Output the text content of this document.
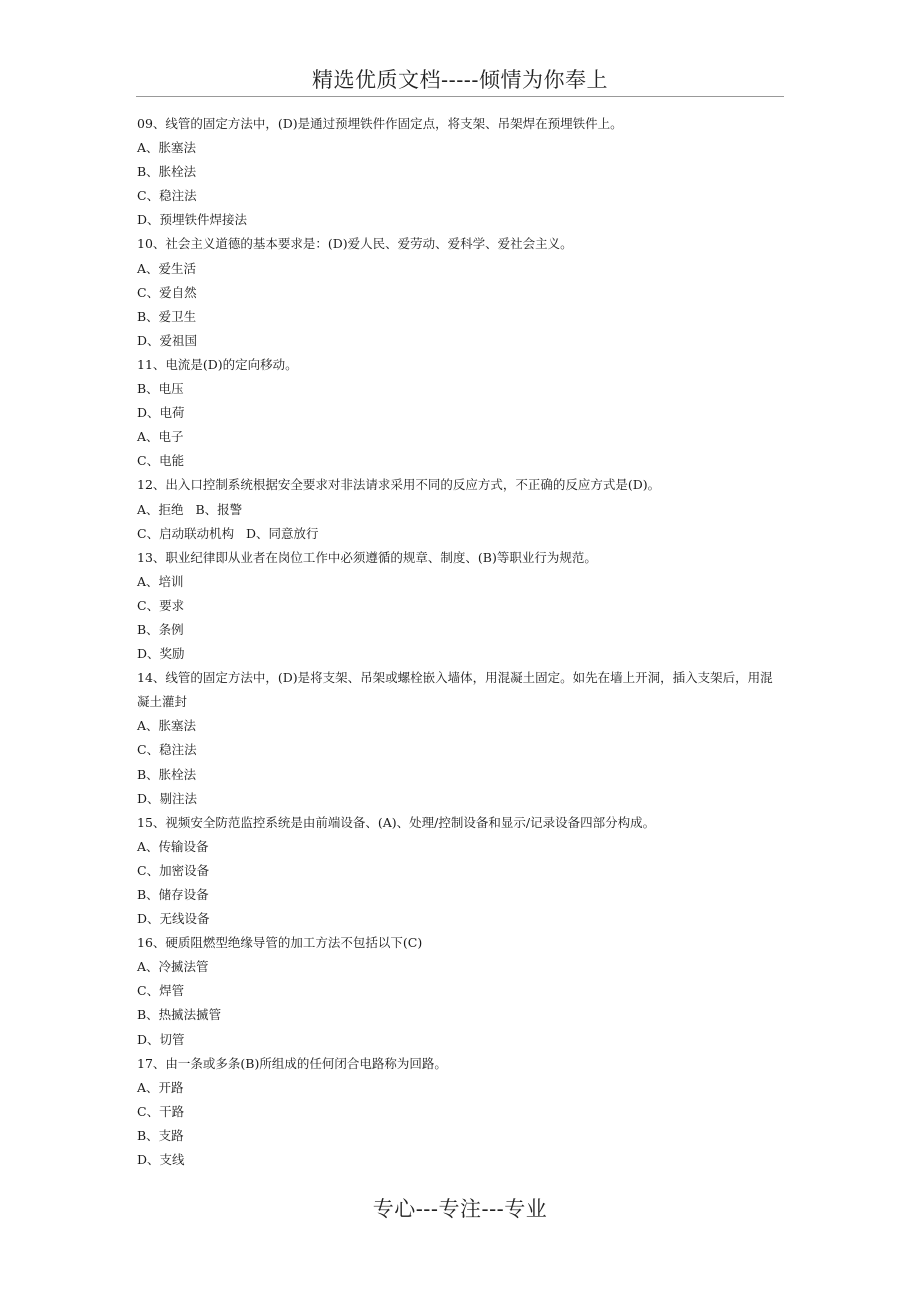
精选优质文档-----倾情为你奉上
09、线管的固定方法中，(D)是通过预埋铁件作固定点，将支架、吊架焊在预埋铁件上。
A、胀塞法
B、胀栓法
C、稳注法
D、预埋铁件焊接法
10、社会主义道德的基本要求是：(D)爱人民、爱劳动、爱科学、爱社会主义。
A、爱生活
C、爱自然
B、爱卫生
D、爱祖国
11、电流是(D)的定向移动。
B、电压
D、电荷
A、电子
C、电能
12、出入口控制系统根据安全要求对非法请求采用不同的反应方式，不正确的反应方式是(D)。
A、拒绝   B、报警
C、启动联动机构   D、同意放行
13、职业纪律即从业者在岗位工作中必须遵循的规章、制度、(B)等职业行为规范。
A、培训
C、要求
B、条例
D、奖励
14、线管的固定方法中，(D)是将支架、吊架或螺栓嵌入墙体，用混凝土固定。如先在墙上开洞，插入支架后，用混凝土灌封
A、胀塞法
C、稳注法
B、胀栓法
D、剔注法
15、视频安全防范监控系统是由前端设备、(A)、处理/控制设备和显示/记录设备四部分构成。
A、传输设备
C、加密设备
B、储存设备
D、无线设备
16、硬质阻燃型绝缘导管的加工方法不包括以下(C)
A、冷揻法管
C、焊管
B、热揻法揻管
D、切管
17、由一条或多条(B)所组成的任何闭合电路称为回路。
A、开路
C、干路
B、支路
D、支线
专心---专注---专业
